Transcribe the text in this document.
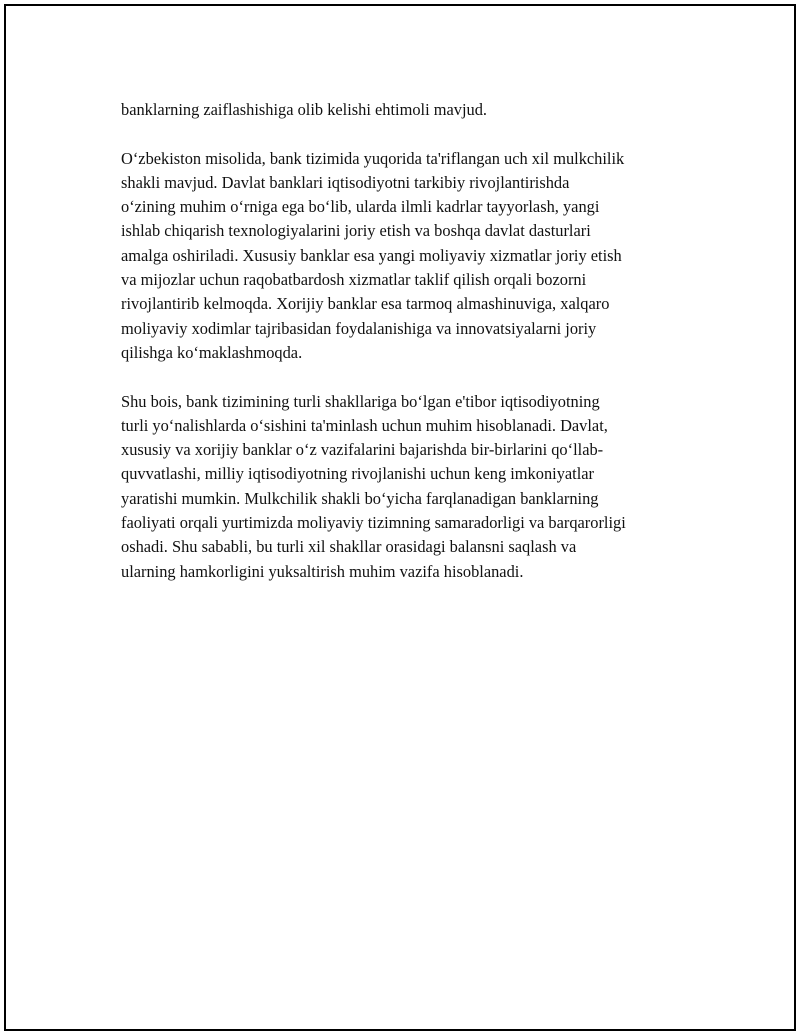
banklarning zaiflashishiga olib kelishi ehtimoli mavjud.

O‘zbekiston misolida, bank tizimida yuqorida ta'riflangan uch xil mulkchilik
shakli mavjud. Davlat banklari iqtisodiyotni tarkibiy rivojlantirishda
o‘zining muhim o‘rniga ega bo‘lib, ularda ilmli kadrlar tayyorlash, yangi
ishlab chiqarish texnologiyalarini joriy etish va boshqa davlat dasturlari
amalga oshiriladi. Xususiy banklar esa yangi moliyaviy xizmatlar joriy etish
va mijozlar uchun raqobatbardosh xizmatlar taklif qilish orqali bozorni
rivojlantirib kelmoqda. Xorijiy banklar esa tarmoq almashinuviga, xalqaro
moliyaviy xodimlar tajribasidan foydalanishiga va innovatsiyalarni joriy
qilishga ko‘maklashmoqda.

Shu bois, bank tizimining turli shakllariga bo‘lgan e'tibor iqtisodiyotning
turli yo‘nalishlarda o‘sishini ta'minlash uchun muhim hisoblanadi. Davlat,
xususiy va xorijiy banklar o‘z vazifalarini bajarishda bir-birlarini qo‘llab-
quvvatlashi, milliy iqtisodiyotning rivojlanishi uchun keng imkoniyatlar
yaratishi mumkin. Mulkchilik shakli bo‘yicha farqlanadigan banklarning
faoliyati orqali yurtimizda moliyaviy tizimning samaradorligi va barqarorligi
oshadi. Shu sababli, bu turli xil shakllar orasidagi balansni saqlash va
ularning hamkorligini yuksaltirish muhim vazifa hisoblanadi.
